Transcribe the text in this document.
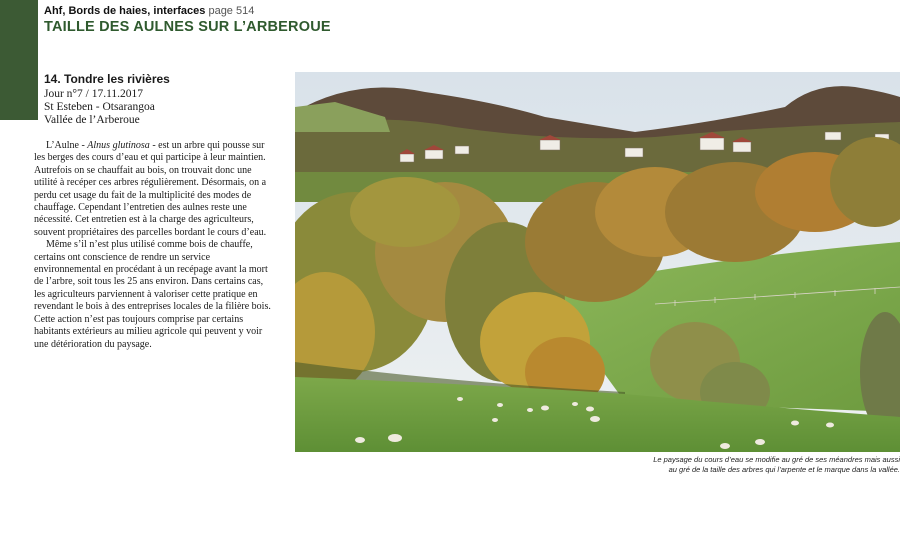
Ahf, Bords de haies, interfaces page 514
TAILLE DES AULNES SUR L’ARBEROUE
14. Tondre les rivières
Jour n°7 / 17.11.2017
St Esteben - Otsarangoa
Vallée de l’Arberoue

L’Aulne - Alnus glutinosa - est un arbre qui pousse sur les berges des cours d’eau et qui participe à leur maintien. Autrefois on se chauffait au bois, on trouvait donc une utilité à recéper ces arbres régulièrement. Désormais, on a perdu cet usage du fait de la multiplicité des modes de chauffage. Cependant l’entretien des aulnes reste une nécessité. Cet entretien est à la charge des agriculteurs, souvent propriétaires des parcelles bordant le cours d’eau.

Même s’il n’est plus utilisé comme bois de chauffe, certains ont conscience de rendre un service environnemental en procédant à un recépage avant la mort de l’arbre, soit tous les 25 ans environ. Dans certains cas, les agriculteurs parviennent à valoriser cette pratique en revendant le bois à des entreprises locales de la filière bois. Cette action n’est pas toujours comprise par certains habitants extérieurs au milieu agricole qui peuvent y voir une détérioration du paysage.

Le paysage du cours d’eau se modifie au gré de ses méandres mais aussi
au gré de la taille des arbres qui l’arpente et le marque dans la vallée.
